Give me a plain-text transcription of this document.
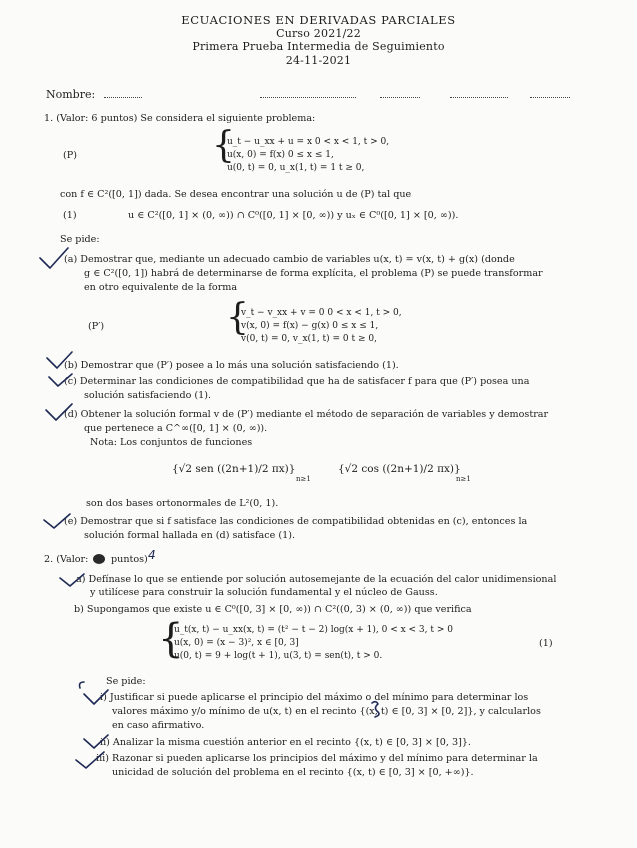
ECUACIONES EN DERIVADAS PARCIALES
Curso 2021/22
Primera Prueba Intermedia de Seguimiento
24-11-2021
Nombre:
1. (Valor: 6 puntos) Se considera el siguiente problema:
(P)	{
u_t − u_xx + u = x 0 < x < 1, t > 0,
u(x, 0) = f(x) 0 ≤ x ≤ 1,
u(0, t) = 0, u_x(1, t) = 1 t ≥ 0,
con f ∈ C²([0, 1]) dada. Se desea encontrar una solución u de (P) tal que
(1)	u ∈ C²([0, 1] × (0, ∞)) ∩ C⁰([0, 1] × [0, ∞)) y uₓ ∈ C⁰([0, 1] × [0, ∞)).
Se pide:
(a) Demostrar que, mediante un adecuado cambio de variables u(x, t) = v(x, t) + g(x) (donde
g ∈ C²([0, 1]) habrá de determinarse de forma explícita, el problema (P) se puede transformar
en otro equivalente de la forma
(P′)	{
v_t − v_xx + v = 0 0 < x < 1, t > 0,
v(x, 0) = f(x) − g(x) 0 ≤ x ≤ 1,
v(0, t) = 0, v_x(1, t) = 0 t ≥ 0,
(b) Demostrar que (P′) posee a lo más una solución satisfaciendo (1).
(c) Determinar las condiciones de compatibilidad que ha de satisfacer f para que (P′) posea una
solución satisfaciendo (1).
(d) Obtener la solución formal v de (P′) mediante el método de separación de variables y demostrar
que pertenece a C^∞([0, 1] × (0, ∞)).
Nota: Los conjuntos de funciones
{√2 sen ((2n+1)/2 πx)}
n≥1
{√2 cos ((2n+1)/2 πx)}
n≥1
son dos bases ortonormales de L²(0, 1).
(e) Demostrar que si f satisface las condiciones de compatibilidad obtenidas en (c), entonces la
solución formal hallada en (d) satisface (1).
2. (Valor: puntos) 4
a) Defínase lo que se entiende por solución autosemejante de la ecuación del calor unidimensional
y utilícese para construir la solución fundamental y el núcleo de Gauss.
b) Supongamos que existe u ∈ C⁰([0, 3] × [0, ∞)) ∩ C²((0, 3) × (0, ∞)) que verifica
{
u_t(x, t) − u_xx(x, t) = (t² − t − 2) log(x + 1), 0 < x < 3, t > 0
u(x, 0) = (x − 3)², x ∈ [0, 3]
u(0, t) = 9 + log(t + 1), u(3, t) = sen(t), t > 0.
(1)
Se pide:
i) Justificar si puede aplicarse el principio del máximo o del mínimo para determinar los
valores máximo y/o mínimo de u(x, t) en el recinto {(x, t) ∈ [0, 3] × [0, 2]}, y calcularlos
en caso afirmativo.
ii) Analizar la misma cuestión anterior en el recinto {(x, t) ∈ [0, 3] × [0, 3]}.
iii) Razonar si pueden aplicarse los principios del máximo y del mínimo para determinar la
unicidad de solución del problema en el recinto {(x, t) ∈ [0, 3] × [0, +∞)}.
